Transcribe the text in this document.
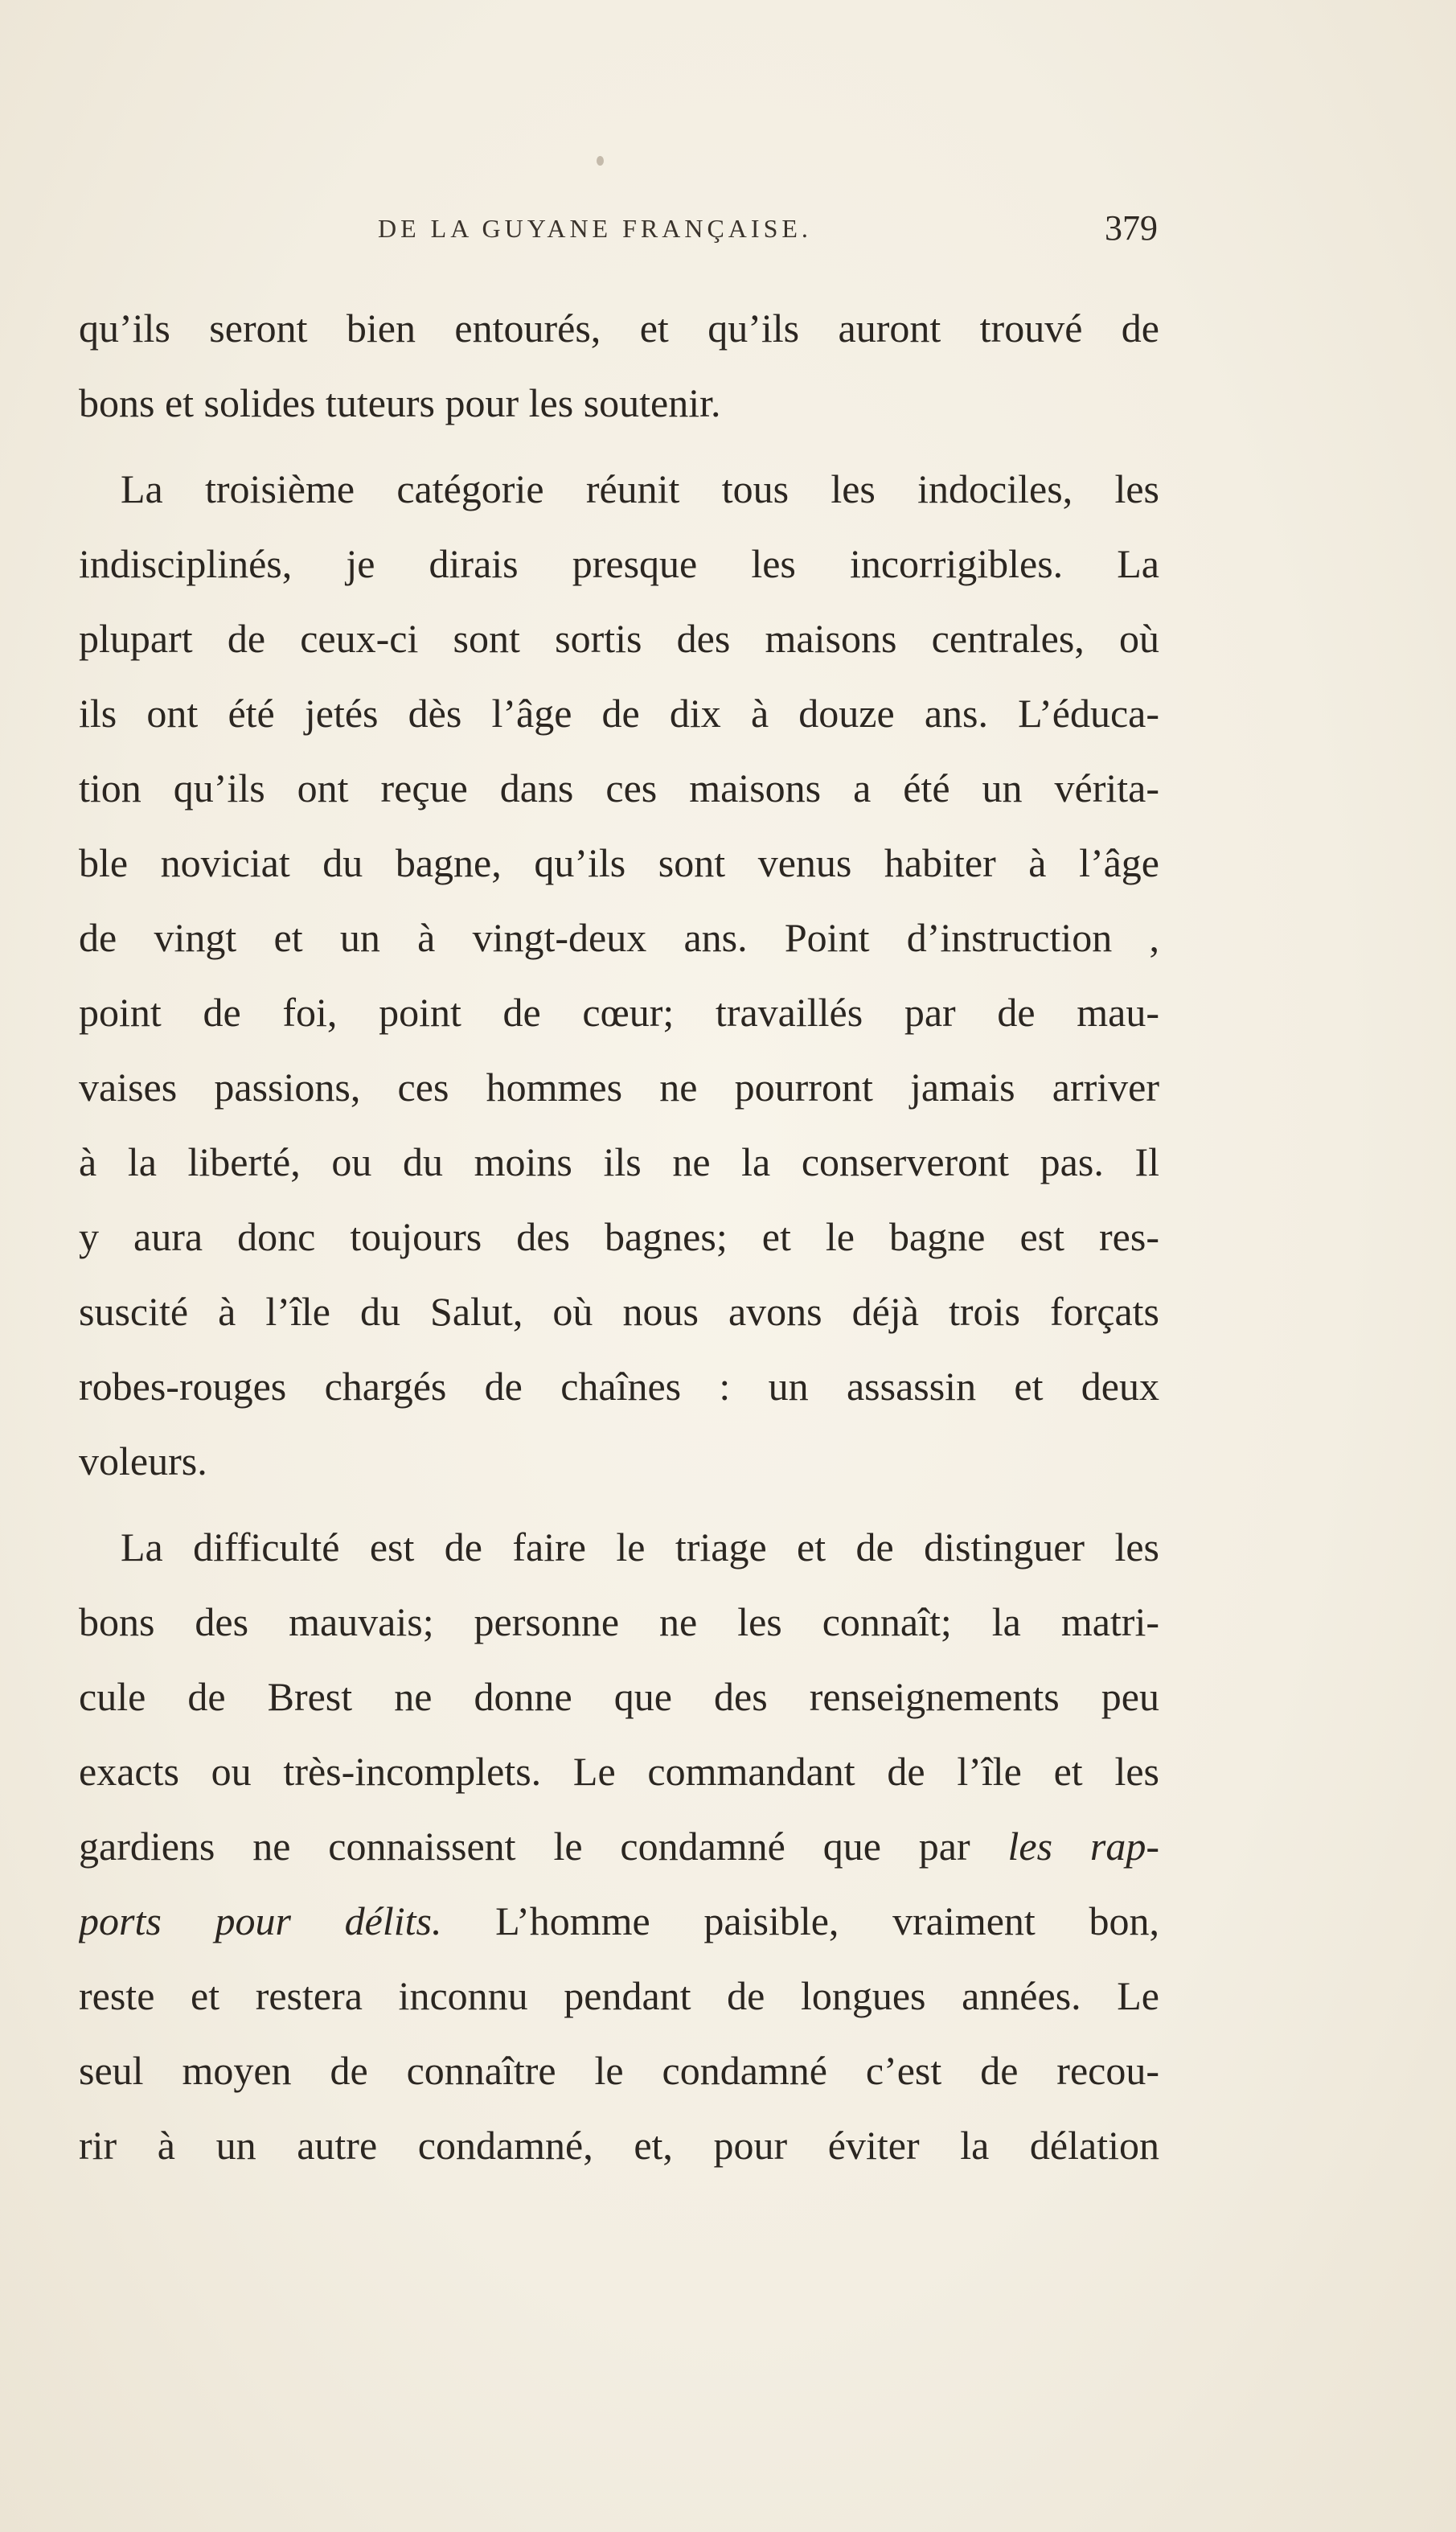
DE LA GUYANE FRANÇAISE.	379
qu’ils seront bien entourés, et qu’ils auront trouvé de
bons et solides tuteurs pour les soutenir.
La troisième catégorie réunit tous les indociles, les
indisciplinés, je dirais presque les incorrigibles. La
plupart de ceux-ci sont sortis des maisons centrales, où
ils ont été jetés dès l’âge de dix à douze ans. L’éduca-
tion qu’ils ont reçue dans ces maisons a été un vérita-
ble noviciat du bagne, qu’ils sont venus habiter à l’âge
de vingt et un à vingt-deux ans. Point d’instruction ,
point de foi, point de cœur; travaillés par de mau-
vaises passions, ces hommes ne pourront jamais arriver
à la liberté, ou du moins ils ne la conserveront pas. Il
y aura donc toujours des bagnes; et le bagne est res-
suscité à l’île du Salut, où nous avons déjà trois forçats
robes-rouges chargés de chaînes : un assassin et deux
voleurs.
La difficulté est de faire le triage et de distinguer les
bons des mauvais; personne ne les connaît; la matri-
cule de Brest ne donne que des renseignements peu
exacts ou très-incomplets. Le commandant de l’île et les
gardiens ne connaissent le condamné que par les rap-
ports pour délits. L’homme paisible, vraiment bon,
reste et restera inconnu pendant de longues années. Le
seul moyen de connaître le condamné c’est de recou-
rir à un autre condamné, et, pour éviter la délation
